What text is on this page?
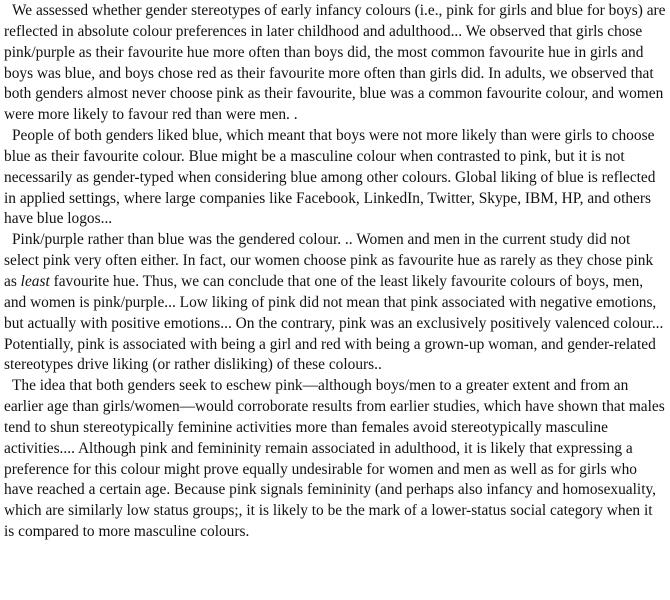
We assessed whether gender stereotypes of early infancy colours (i.e., pink for girls and blue for boys) are reflected in absolute colour preferences in later childhood and adulthood... We observed that girls chose pink/purple as their favourite hue more often than boys did, the most common favourite hue in girls and boys was blue, and boys chose red as their favourite more often than girls did. In adults, we observed that both genders almost never choose pink as their favourite, blue was a common favourite colour, and women were more likely to favour red than were men. .

People of both genders liked blue, which meant that boys were not more likely than were girls to choose blue as their favourite colour. Blue might be a masculine colour when contrasted to pink, but it is not necessarily as gender-typed when considering blue among other colours. Global liking of blue is reflected in applied settings, where large companies like Facebook, LinkedIn, Twitter, Skype, IBM, HP, and others have blue logos...

Pink/purple rather than blue was the gendered colour. .. Women and men in the current study did not select pink very often either. In fact, our women choose pink as favourite hue as rarely as they chose pink as least favourite hue. Thus, we can conclude that one of the least likely favourite colours of boys, men, and women is pink/purple... Low liking of pink did not mean that pink associated with negative emotions, but actually with positive emotions... On the contrary, pink was an exclusively positively valenced colour... Potentially, pink is associated with being a girl and red with being a grown-up woman, and gender-related stereotypes drive liking (or rather disliking) of these colours..

The idea that both genders seek to eschew pink—although boys/men to a greater extent and from an earlier age than girls/women—would corroborate results from earlier studies, which have shown that males tend to shun stereotypically feminine activities more than females avoid stereotypically masculine activities.... Although pink and femininity remain associated in adulthood, it is likely that expressing a preference for this colour might prove equally undesirable for women and men as well as for girls who have reached a certain age. Because pink signals femininity (and perhaps also infancy and homosexuality, which are similarly low status groups;, it is likely to be the mark of a lower-status social category when it is compared to more masculine colours.
